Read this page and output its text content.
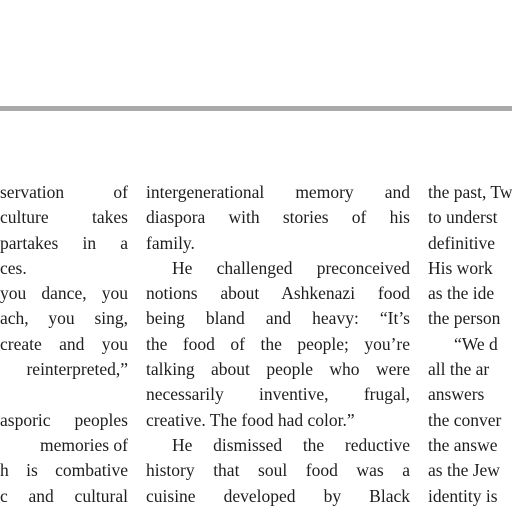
servation of
culture takes
partakes in a
ces.
you dance, you
ach, you sing,
create and you
reinterpreted,”
asporic peoples
memories of
h is combative
c and cultural
intergenerational memory and
diaspora with stories of his
family.
He challenged preconceived
notions about Ashkenazi food
being bland and heavy: “It’s
the food of the people; you’re
talking about people who were
necessarily inventive, frugal,
creative. The food had color.”
He dismissed the reductive
history that soul food was a
cuisine developed by Black
the past, Tw
to underst
definitive
His work
as the ide
the person
“We d
all the ar
answers
the conver
the answe
as the Jew
identity is
